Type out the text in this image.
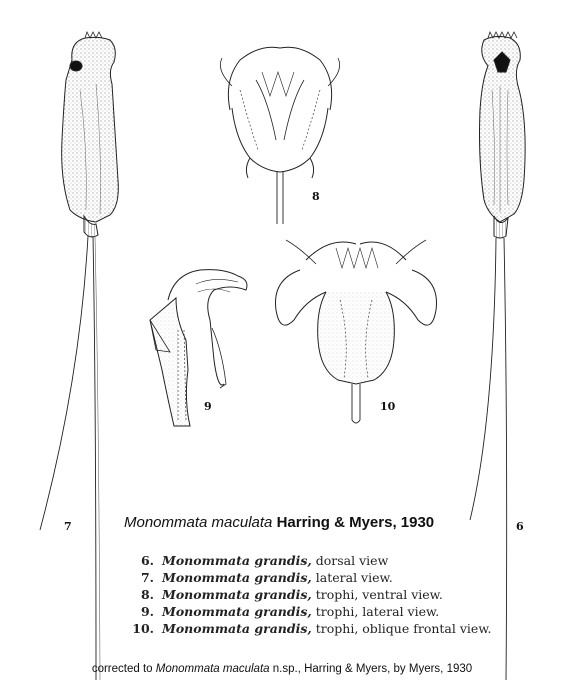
8
9	10
7	6
Monommata maculata Harring & Myers, 1930
6. Monommata grandis, dorsal view
7. Monommata grandis, lateral view.
8. Monommata grandis, trophi, ventral view.
9. Monommata grandis, trophi, lateral view.
10. Monommata grandis, trophi, oblique frontal view.
corrected to Monommata maculata n.sp., Harring & Myers, by Myers, 1930
